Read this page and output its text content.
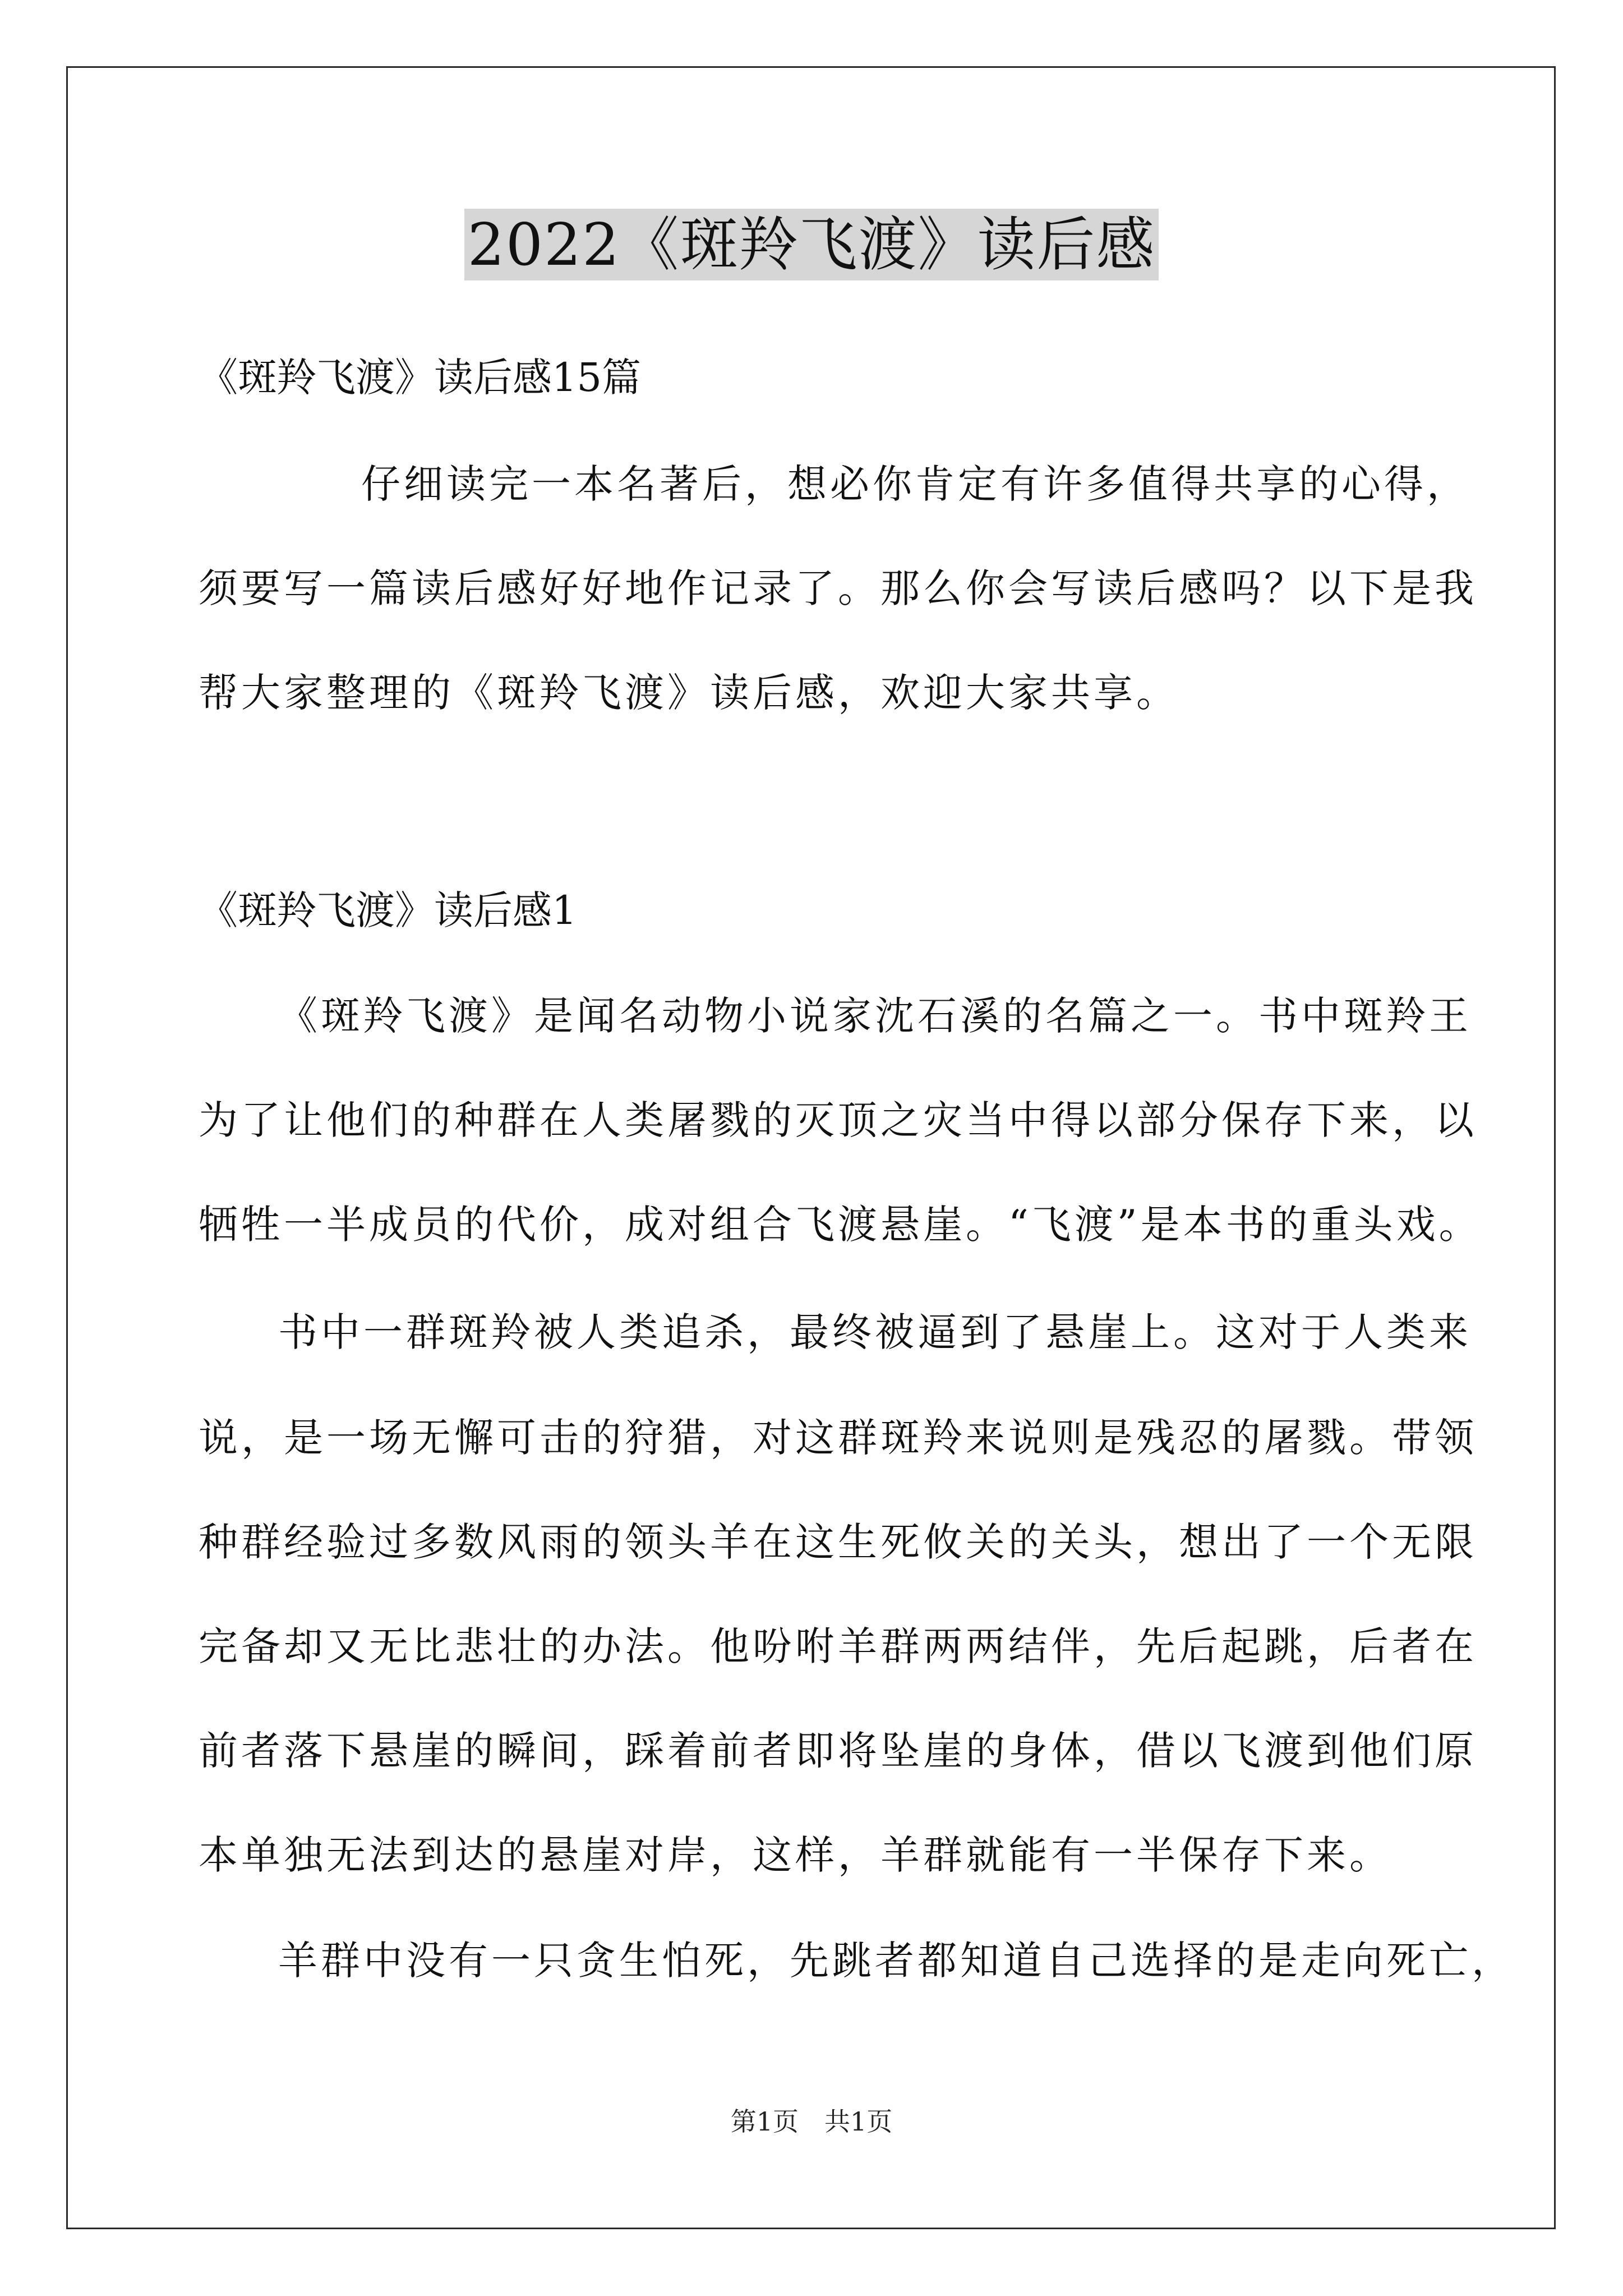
2022《斑羚飞渡》读后感
《斑羚飞渡》读后感15篇
仔细读完一本名著后，想必你肯定有许多值得共享的心得，
须要写一篇读后感好好地作记录了。那么你会写读后感吗？以下是我
帮大家整理的《斑羚飞渡》读后感，欢迎大家共享。
《斑羚飞渡》读后感1
《斑羚飞渡》是闻名动物小说家沈石溪的名篇之一。书中斑羚王
为了让他们的种群在人类屠戮的灭顶之灾当中得以部分保存下来，以
牺牲一半成员的代价，成对组合飞渡悬崖。“飞渡”是本书的重头戏。
书中一群斑羚被人类追杀，最终被逼到了悬崖上。这对于人类来
说，是一场无懈可击的狩猎，对这群斑羚来说则是残忍的屠戮。带领
种群经验过多数风雨的领头羊在这生死攸关的关头，想出了一个无限
完备却又无比悲壮的办法。他吩咐羊群两两结伴，先后起跳，后者在
前者落下悬崖的瞬间，踩着前者即将坠崖的身体，借以飞渡到他们原
本单独无法到达的悬崖对岸，这样，羊群就能有一半保存下来。
羊群中没有一只贪生怕死，先跳者都知道自己选择的是走向死亡，
第1页　共1页
